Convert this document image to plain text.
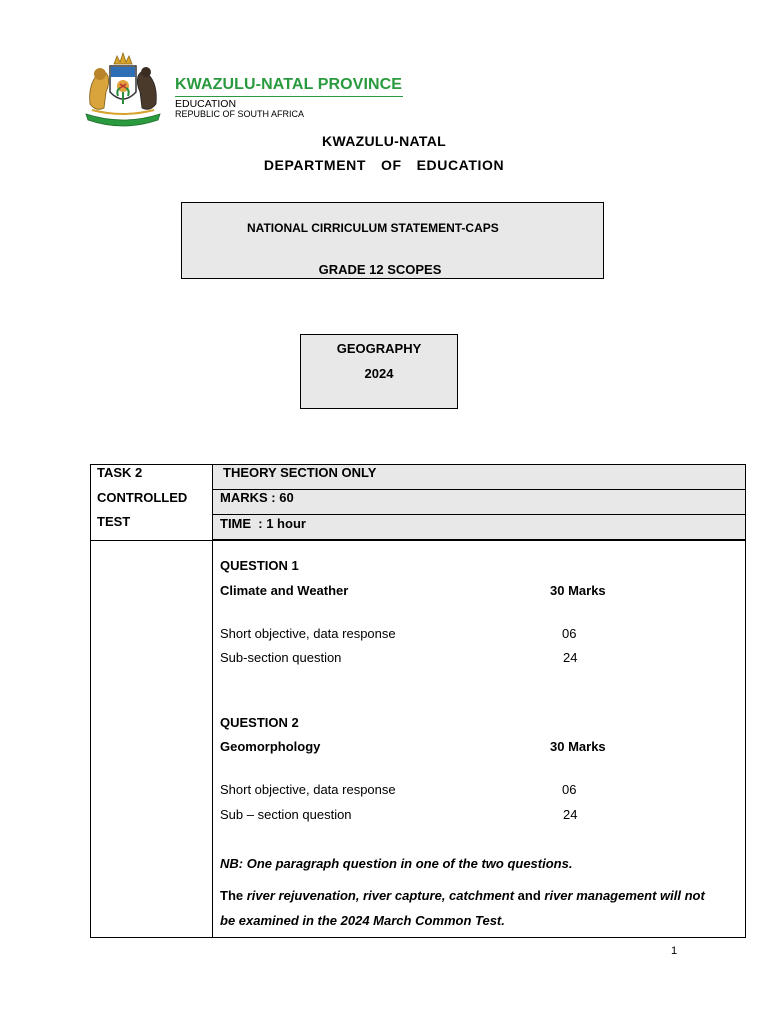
KWAZULU-NATAL PROVINCE
EDUCATION
REPUBLIC OF SOUTH AFRICA
KWAZULU-NATAL
DEPARTMENT  OF  EDUCATION
NATIONAL CIRRICULUM STATEMENT-CAPS
GRADE 12 SCOPES
GEOGRAPHY
2024
TASK 2
CONTROLLED
TEST
THEORY SECTION ONLY
MARKS : 60
TIME  : 1 hour
QUESTION 1
Climate and Weather	30 Marks
Short objective, data response	06
Sub-section question	24
QUESTION 2
Geomorphology	30 Marks
Short objective, data response	06
Sub – section question	24
NB: One paragraph question in one of the two questions.
The river rejuvenation, river capture, catchment and river management will not
be examined in the 2024 March Common Test.
1
